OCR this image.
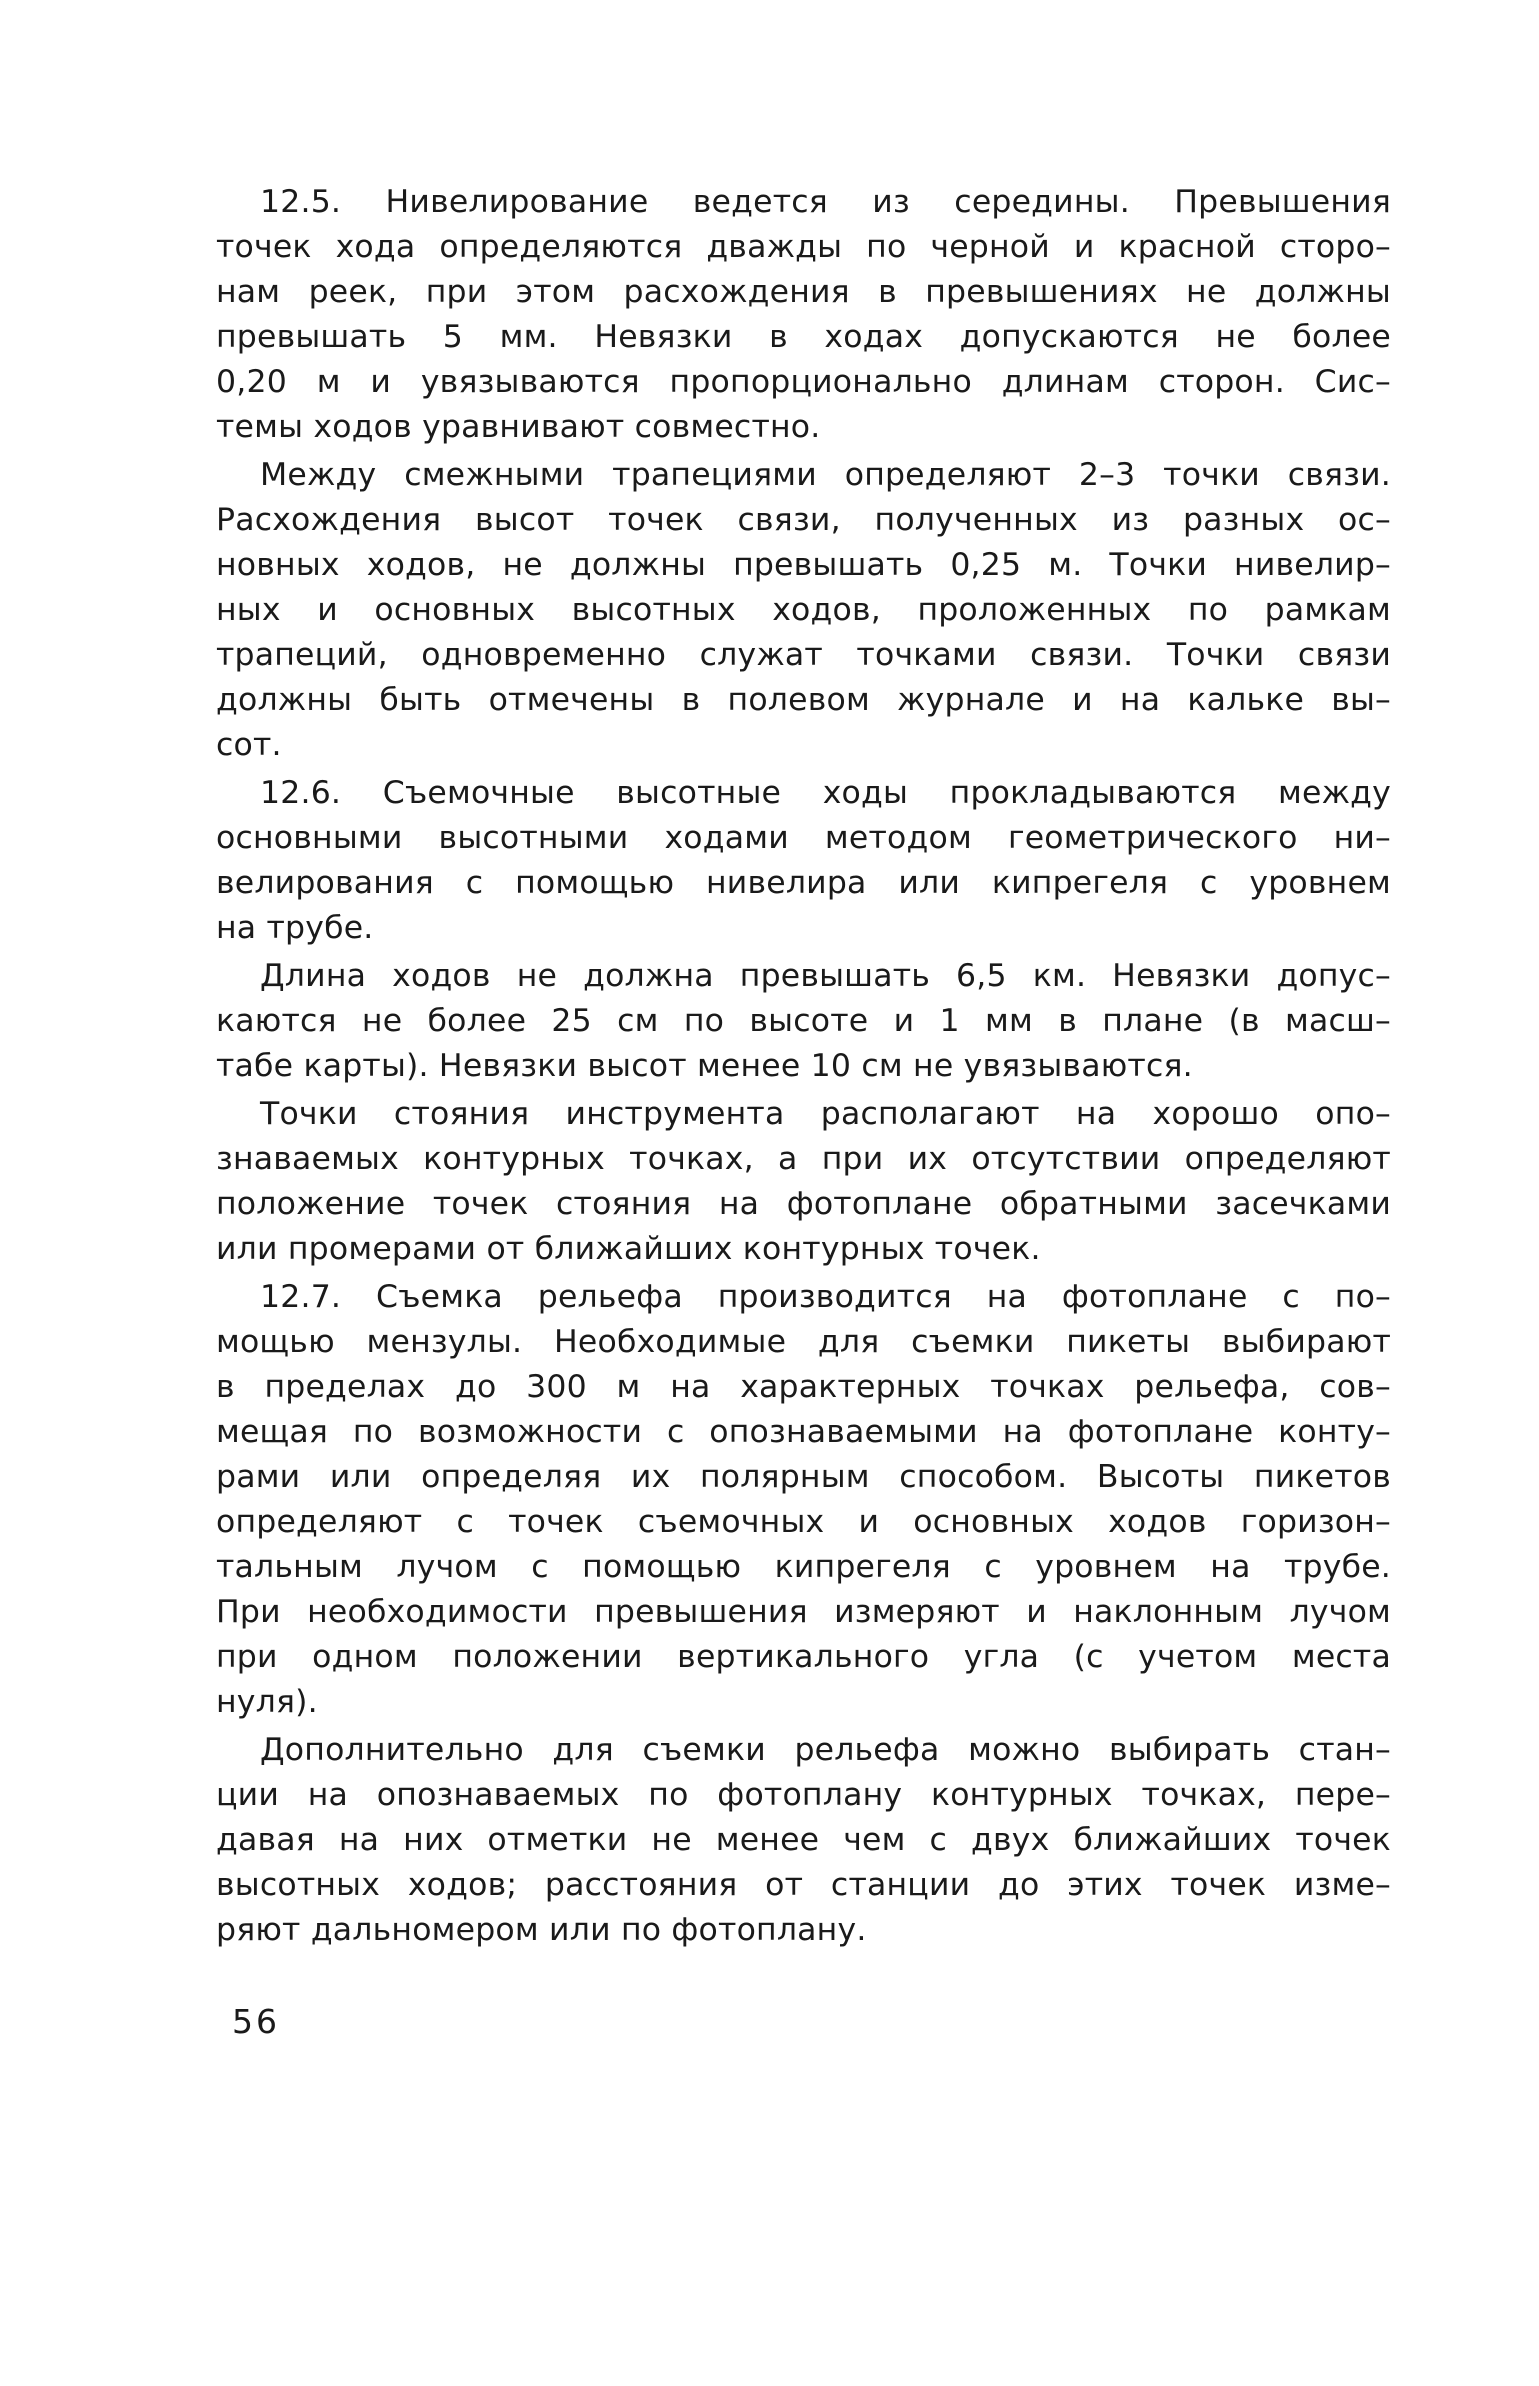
12.5. Нивелирование ведется из середины. Превышения
точек хода определяются дважды по черной и красной сторо–
нам реек, при этом расхождения в превышениях не должны
превышать 5 мм. Невязки в ходах допускаются не более
0,20 м и увязываются пропорционально длинам сторон. Сис–
темы ходов уравнивают совместно.
Между смежными трапециями определяют 2–3 точки связи.
Расхождения высот точек связи, полученных из разных ос–
новных ходов, не должны превышать 0,25 м. Точки нивелир–
ных и основных высотных ходов, проложенных по рамкам
трапеций, одновременно служат точками связи. Точки связи
должны быть отмечены в полевом журнале и на кальке вы–
сот.
12.6. Съемочные высотные ходы прокладываются между
основными высотными ходами методом геометрического ни–
велирования с помощью нивелира или кипрегеля с уровнем
на трубе.
Длина ходов не должна превышать 6,5 км. Невязки допус–
каются не более 25 см по высоте и 1 мм в плане (в масш–
табе карты). Невязки высот менее 10 см не увязываются.
Точки стояния инструмента располагают на хорошо опо–
знаваемых контурных точках, а при их отсутствии определяют
положение точек стояния на фотоплане обратными засечками
или промерами от ближайших контурных точек.
12.7. Съемка рельефа производится на фотоплане с по–
мощью мензулы. Необходимые для съемки пикеты выбирают
в пределах до 300 м на характерных точках рельефа, сов–
мещая по возможности с опознаваемыми на фотоплане конту–
рами или определяя их полярным способом. Высоты пикетов
определяют с точек съемочных и основных ходов горизон–
тальным лучом с помощью кипрегеля с уровнем на трубе.
При необходимости превышения измеряют и наклонным лучом
при одном положении вертикального угла (с учетом места
нуля).
Дополнительно для съемки рельефа можно выбирать стан–
ции на опознаваемых по фотоплану контурных точках, пере–
давая на них отметки не менее чем с двух ближайших точек
высотных ходов; расстояния от станции до этих точек изме–
ряют дальномером или по фотоплану.
56
